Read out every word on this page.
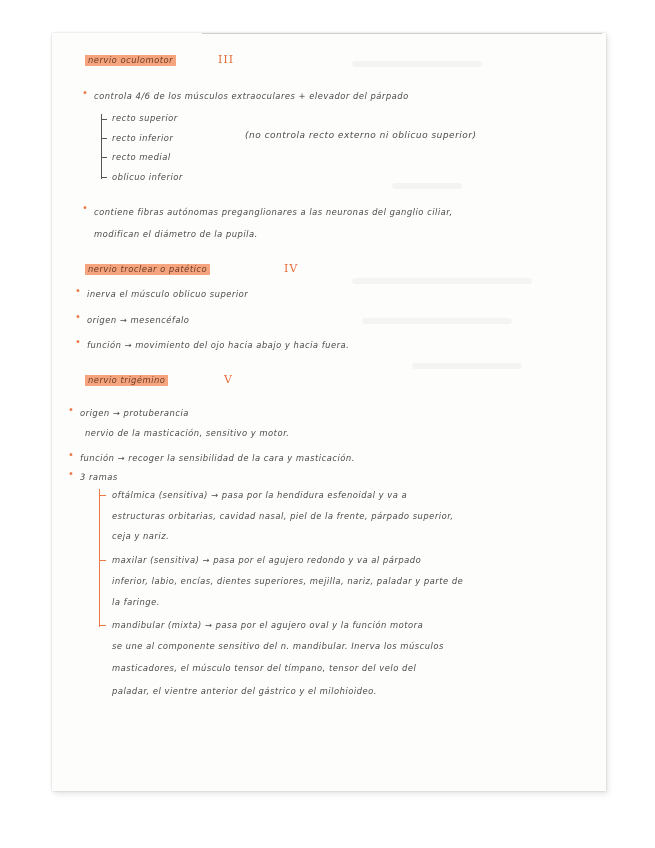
nervio oculomotor	III
• controla 4/6 de los músculos extraoculares + elevador del párpado
recto superior
recto inferior
recto medial
oblicuo inferior
(no controla recto externo ni oblicuo superior)
• contiene fibras autónomas preganglionares a las neuronas del ganglio ciliar,
modifican el diámetro de la pupila.
nervio troclear o patético	IV
• inerva el músculo oblicuo superior
• origen → mesencéfalo
• función → movimiento del ojo hacia abajo y hacia fuera.
nervio trigémino	V
• origen → protuberancia
nervio de la masticación, sensitivo y motor.
• función → recoger la sensibilidad de la cara y masticación.
• 3 ramas
oftálmica (sensitiva) → pasa por la hendidura esfenoidal y va a
estructuras orbitarias, cavidad nasal, piel de la frente, párpado superior,
ceja y nariz.
maxilar (sensitiva) → pasa por el agujero redondo y va al párpado
inferior, labio, encías, dientes superiores, mejilla, nariz, paladar y parte de
la faringe.
mandibular (mixta) → pasa por el agujero oval y la función motora
se une al componente sensitivo del n. mandibular. Inerva los músculos
masticadores, el músculo tensor del tímpano, tensor del velo del
paladar, el vientre anterior del gástrico y el milohioideo.
